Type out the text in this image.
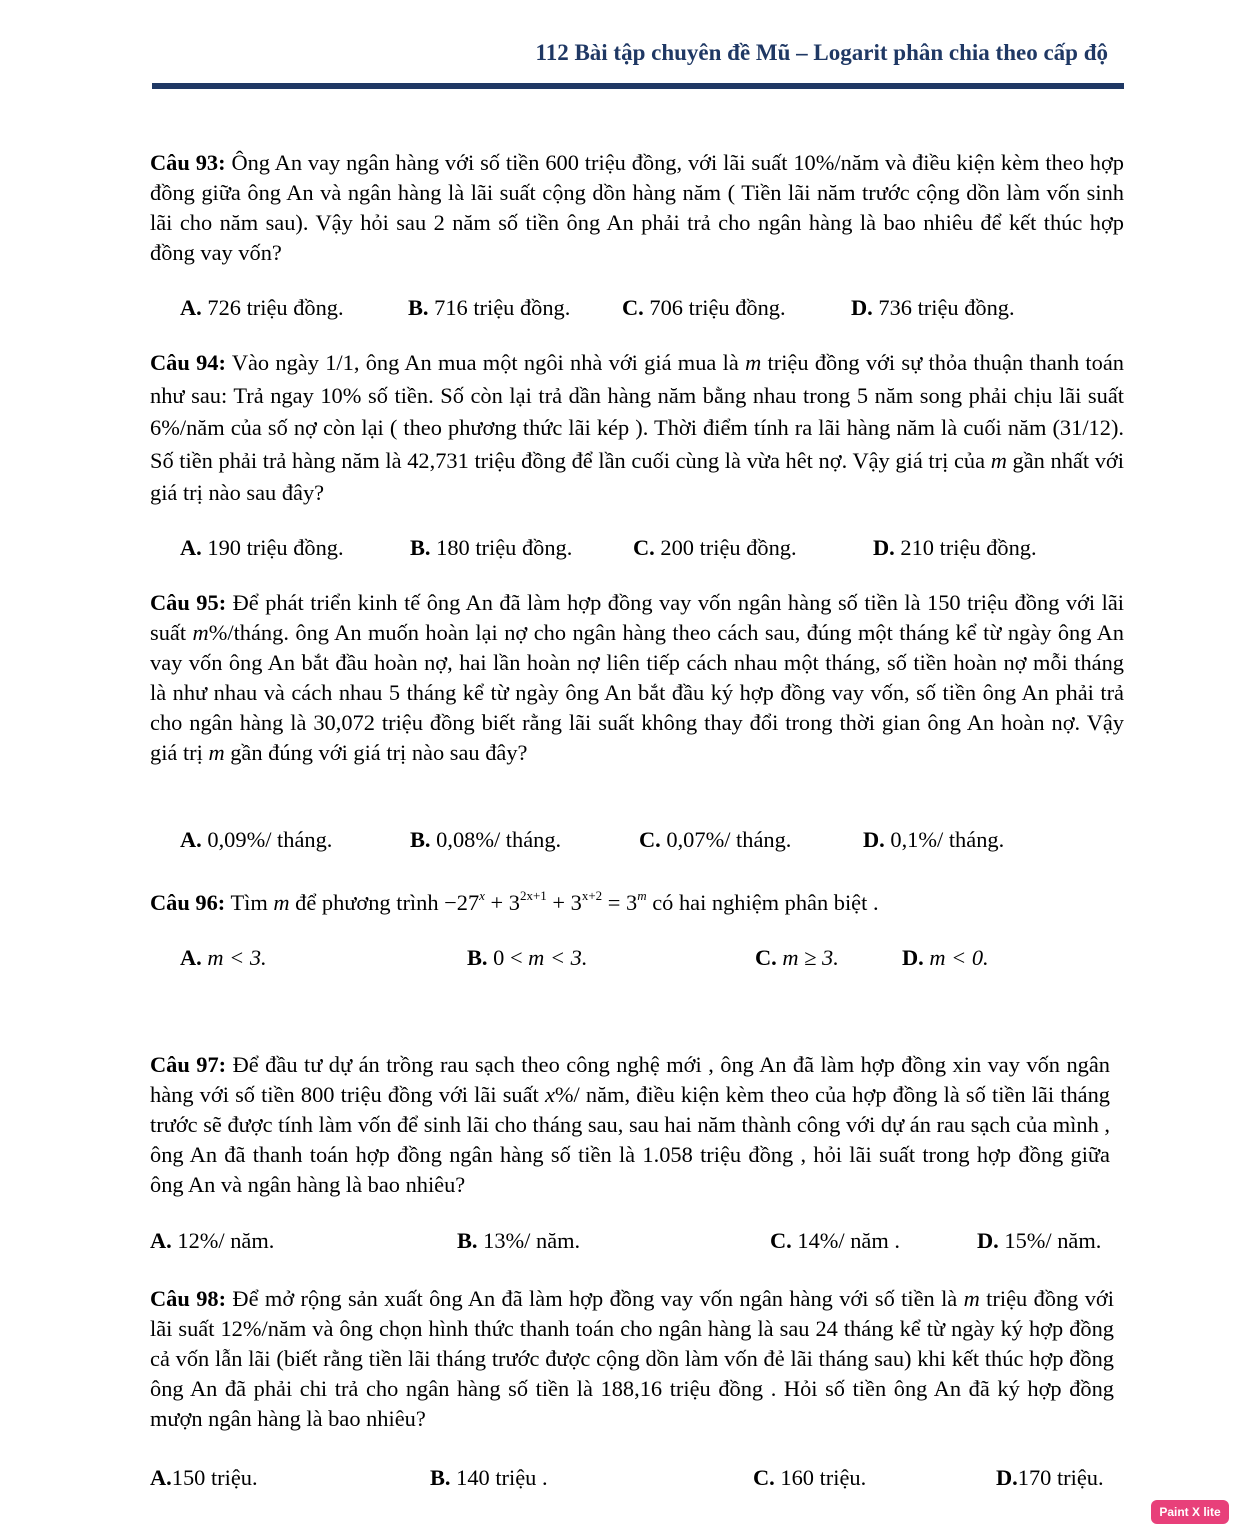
112 Bài tập chuyên đề Mũ – Logarit phân chia theo cấp độ
Câu 93: Ông An vay ngân hàng với số tiền 600 triệu đồng, với lãi suất 10%/năm và điều kiện kèm theo hợp đồng giữa ông An và ngân hàng là lãi suất cộng dồn hàng năm ( Tiền lãi năm trước cộng dồn làm vốn sinh lãi cho năm sau). Vậy hỏi sau 2 năm số tiền ông An phải trả cho ngân hàng là bao nhiêu để kết thúc hợp đồng vay vốn?
A. 726 triệu đồng.	B. 716 triệu đồng. C. 706 triệu đồng.	D. 736 triệu đồng.
Câu 94: Vào ngày 1/1, ông An mua một ngôi nhà với giá mua là m triệu đồng với sự thỏa thuận thanh toán như sau: Trả ngay 10% số tiền. Số còn lại trả dần hàng năm bằng nhau trong 5 năm song phải chịu lãi suất 6%/năm của số nợ còn lại ( theo phương thức lãi kép ). Thời điểm tính ra lãi hàng năm là cuối năm (31/12). Số tiền phải trả hàng năm là 42,731 triệu đồng để lần cuối cùng là vừa hêt nợ. Vậy giá trị của m gần nhất với giá trị nào sau đây?
A. 190 triệu đồng.	B. 180 triệu đồng.	C. 200 triệu đồng.	D. 210 triệu đồng.
Câu 95: Để phát triển kinh tế ông An đã làm hợp đồng vay vốn ngân hàng số tiền là 150 triệu đồng với lãi suất m%/tháng. ông An muốn hoàn lại nợ cho ngân hàng theo cách sau, đúng một tháng kể từ ngày ông An vay vốn ông An bắt đầu hoàn nợ, hai lần hoàn nợ liên tiếp cách nhau một tháng, số tiền hoàn nợ mỗi tháng là như nhau và cách nhau 5 tháng kể từ ngày ông An bắt đầu ký hợp đồng vay vốn, số tiền ông An phải trả cho ngân hàng là 30,072 triệu đồng biết rằng lãi suất không thay đổi trong thời gian ông An hoàn nợ. Vậy giá trị m gần đúng với giá trị nào sau đây?
A. 0,09%/ tháng.	B. 0,08%/ tháng.	C. 0,07%/ tháng.	D. 0,1%/ tháng.
Câu 96: Tìm m để phương trình $-27^x + 3^{2x+1} + 3^{x+2} = 3^m$ có hai nghiệm phân biệt .
A. m < 3.	B. 0 < m < 3.	C. m ≥ 3.	D. m < 0.
Câu 97: Để đầu tư dự án trồng rau sạch theo công nghệ mới , ông An đã làm hợp đồng xin vay vốn ngân hàng với số tiền 800 triệu đồng với lãi suất x%/ năm, điều kiện kèm theo của hợp đồng là số tiền lãi tháng trước sẽ được tính làm vốn để sinh lãi cho tháng sau, sau hai năm thành công với dự án rau sạch của mình , ông An đã thanh toán hợp đồng ngân hàng số tiền là 1.058 triệu đồng , hỏi lãi suất trong hợp đồng giữa ông An và ngân hàng là bao nhiêu?
A. 12%/ năm.	B. 13%/ năm.	C. 14%/ năm .	D. 15%/ năm.
Câu 98: Để mở rộng sản xuất ông An đã làm hợp đồng vay vốn ngân hàng với số tiền là m triệu đồng với lãi suất 12%/năm và ông chọn hình thức thanh toán cho ngân hàng là sau 24 tháng kể từ ngày ký hợp đồng cả vốn lẫn lãi (biết rằng tiền lãi tháng trước được cộng dồn làm vốn đẻ lãi tháng sau) khi kết thúc hợp đồng ông An đã phải chi trả cho ngân hàng số tiền là 188,16 triệu đồng . Hỏi số tiền ông An đã ký hợp đồng mượn ngân hàng là bao nhiêu?
A.150 triệu.	B. 140 triệu .	C. 160 triệu.	D.170 triệu.
Paint X lite
